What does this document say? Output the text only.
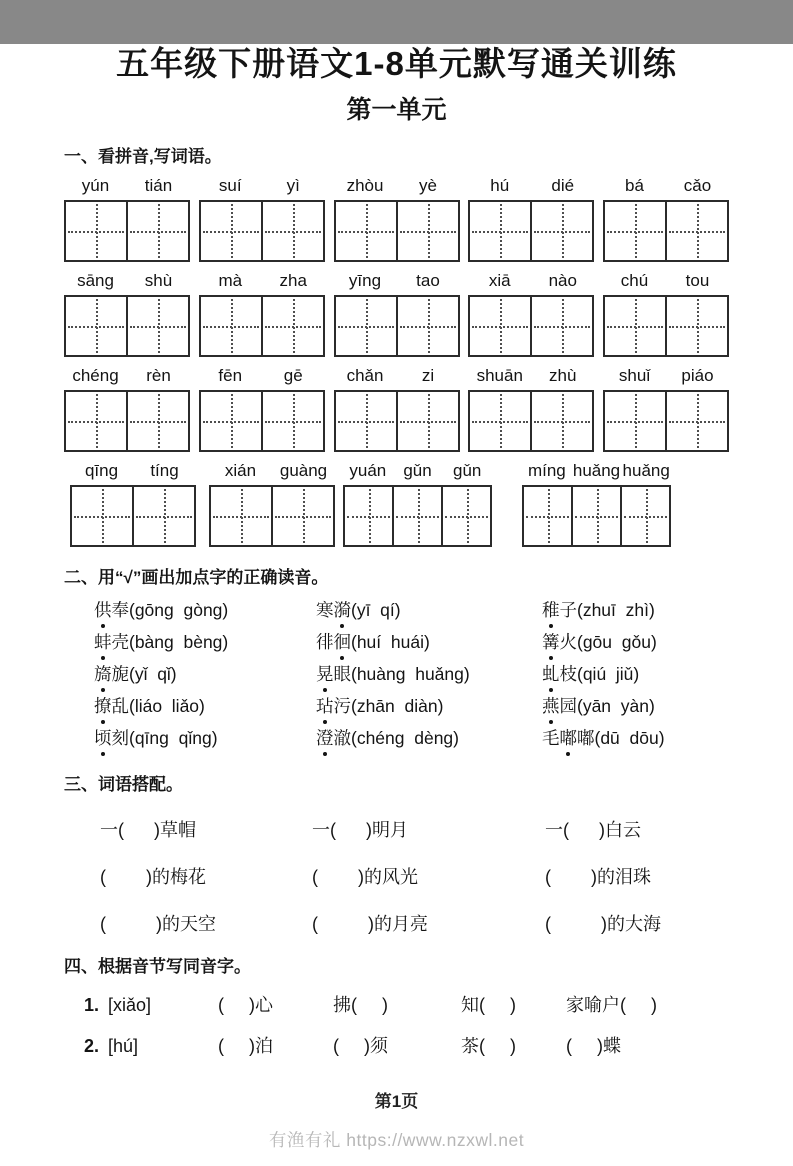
五年级下册语文1-8单元默写通关训练
第一单元
一、看拼音,写词语。
yún	tián	suí	yì	zhòu	yè	hú	dié	bá	cǎo
sāng	shù	mà	zha	yīng	tao	xiā	nào	chú	tou
chéng	rèn	fēn	gē	chǎn	zi	shuān	zhù	shuǐ	piáo
qīng	tíng	xián	guàng	yuán	gǔn	gǔn	míng huǎng huǎng
二、用“√”画出加点字的正确读音。
供奉(gōng  gòng)	寒漪(yī  qí)	稚子(zhuī  zhì)
蚌壳(bàng  bèng)	徘徊(huí  huái)	篝火(gōu  gǒu)
旖旎(yǐ  qǐ)	晃眼(huàng  huǎng)	虬枝(qiú  jiǔ)
撩乱(liáo  liǎo)	玷污(zhān  diàn)	燕园(yān  yàn)
顷刻(qīng  qǐng)	澄澈(chéng  dèng)	毛嘟嘟(dū  dōu)
三、词语搭配。
一(      )草帽	一(      )明月	一(      )白云
(        )的梅花	(        )的风光	(        )的泪珠
(          )的天空	(          )的月亮	(          )的大海
四、根据音节写同音字。
1. [xiǎo]	(     )心	拂(     )	知(     )	家喻户(     )
2. [hú]	(     )泊	(     )须	茶(     )	(     )蝶
第1页
有渔有礼 https://www.nzxwl.net
